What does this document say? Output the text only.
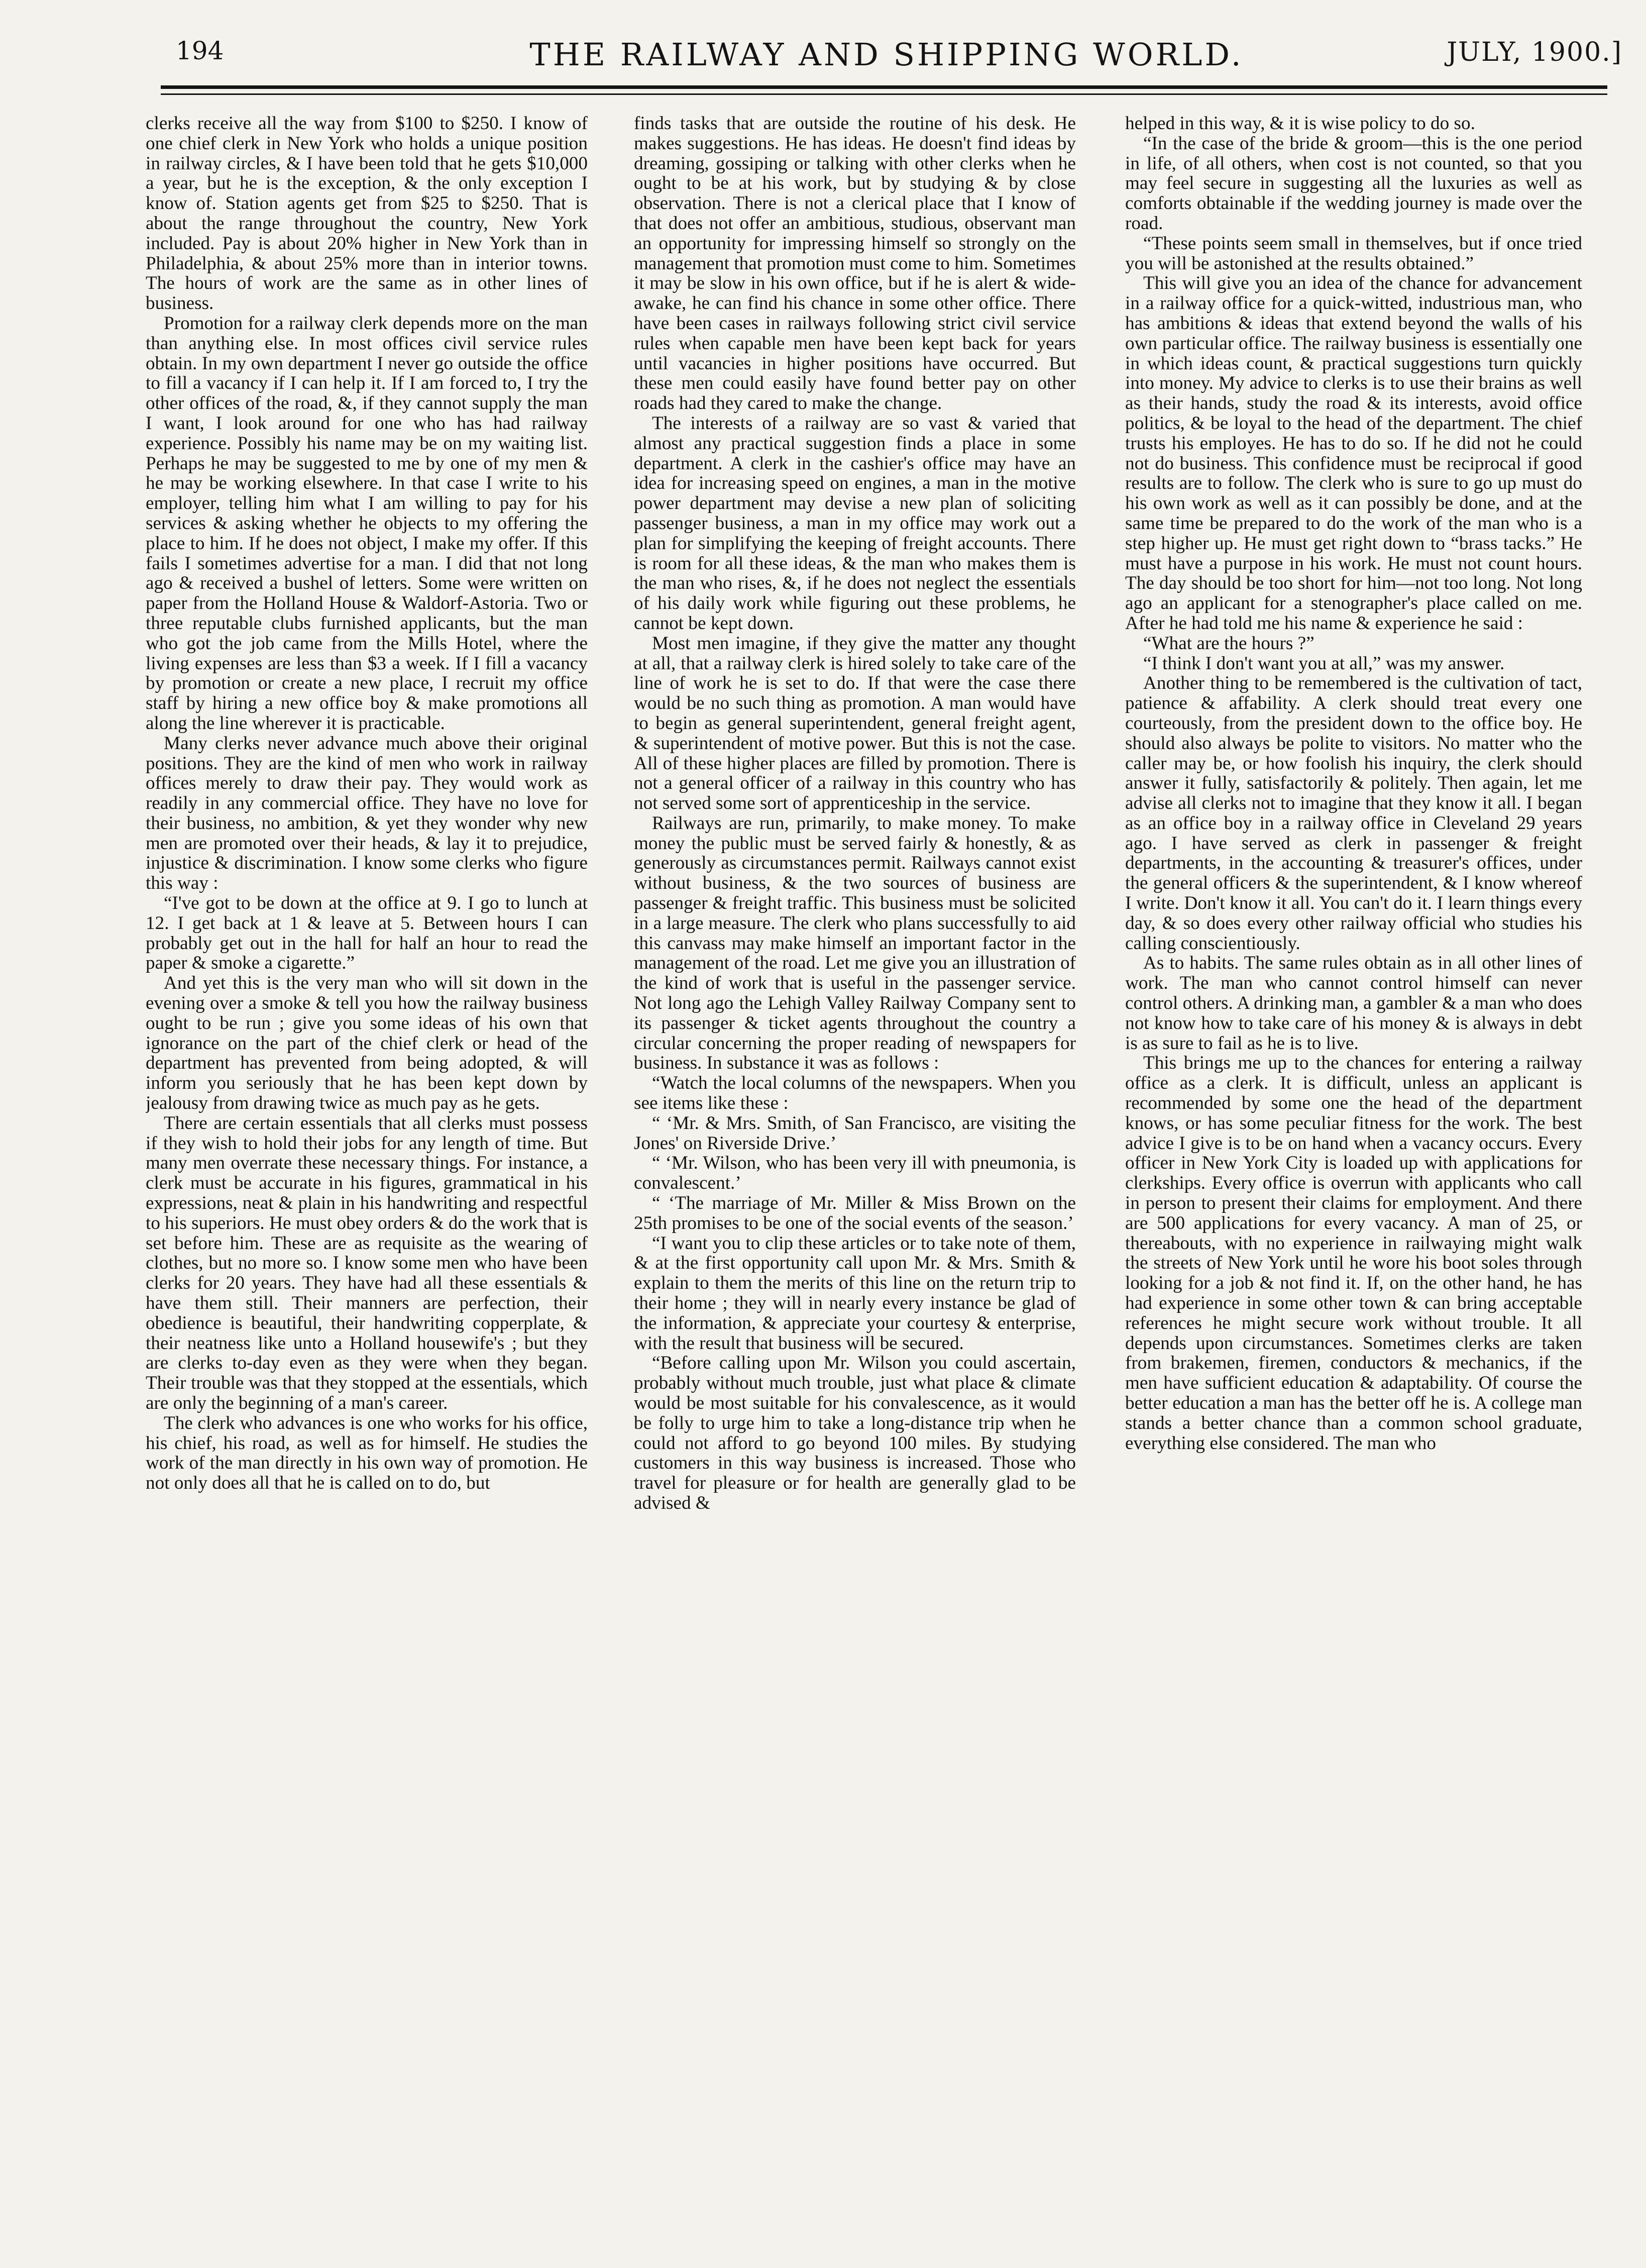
194	THE RAILWAY AND SHIPPING WORLD.	JULY, 1900.]

clerks receive all the way from $100 to $250. I know of one chief clerk in New York who holds a unique position in railway circles, & I have been told that he gets $10,000 a year, but he is the exception, & the only exception I know of. Station agents get from $25 to $250. That is about the range throughout the country, New York included. Pay is about 20% higher in New York than in Philadelphia, & about 25% more than in interior towns. The hours of work are the same as in other lines of business.

Promotion for a railway clerk depends more on the man than anything else. In most offices civil service rules obtain. In my own department I never go outside the office to fill a vacancy if I can help it. If I am forced to, I try the other offices of the road, &, if they cannot supply the man I want, I look around for one who has had railway experience. Possibly his name may be on my waiting list. Perhaps he may be suggested to me by one of my men & he may be working elsewhere. In that case I write to his employer, telling him what I am willing to pay for his services & asking whether he objects to my offering the place to him. If he does not object, I make my offer. If this fails I sometimes advertise for a man. I did that not long ago & received a bushel of letters. Some were written on paper from the Holland House & Waldorf-Astoria. Two or three reputable clubs furnished applicants, but the man who got the job came from the Mills Hotel, where the living expenses are less than $3 a week. If I fill a vacancy by promotion or create a new place, I recruit my office staff by hiring a new office boy & make promotions all along the line wherever it is practicable.

Many clerks never advance much above their original positions. They are the kind of men who work in railway offices merely to draw their pay. They would work as readily in any commercial office. They have no love for their business, no ambition, & yet they wonder why new men are promoted over their heads, & lay it to prejudice, injustice & discrimination. I know some clerks who figure this way :

“I've got to be down at the office at 9. I go to lunch at 12. I get back at 1 & leave at 5. Between hours I can probably get out in the hall for half an hour to read the paper & smoke a cigarette.”

And yet this is the very man who will sit down in the evening over a smoke & tell you how the railway business ought to be run ; give you some ideas of his own that ignorance on the part of the chief clerk or head of the department has prevented from being adopted, & will inform you seriously that he has been kept down by jealousy from drawing twice as much pay as he gets.

There are certain essentials that all clerks must possess if they wish to hold their jobs for any length of time. But many men overrate these necessary things. For instance, a clerk must be accurate in his figures, grammatical in his expressions, neat & plain in his handwriting and respectful to his superiors. He must obey orders & do the work that is set before him. These are as requisite as the wearing of clothes, but no more so. I know some men who have been clerks for 20 years. They have had all these essentials & have them still. Their manners are perfection, their obedience is beautiful, their handwriting copperplate, & their neatness like unto a Holland housewife's ; but they are clerks to-day even as they were when they began. Their trouble was that they stopped at the essentials, which are only the beginning of a man's career.

The clerk who advances is one who works for his office, his chief, his road, as well as for himself. He studies the work of the man directly in his own way of promotion. He not only does all that he is called on to do, but

finds tasks that are outside the routine of his desk. He makes suggestions. He has ideas. He doesn't find ideas by dreaming, gossiping or talking with other clerks when he ought to be at his work, but by studying & by close observation. There is not a clerical place that I know of that does not offer an ambitious, studious, observant man an opportunity for impressing himself so strongly on the management that promotion must come to him. Sometimes it may be slow in his own office, but if he is alert & wide-awake, he can find his chance in some other office. There have been cases in railways following strict civil service rules when capable men have been kept back for years until vacancies in higher positions have occurred. But these men could easily have found better pay on other roads had they cared to make the change.

The interests of a railway are so vast & varied that almost any practical suggestion finds a place in some department. A clerk in the cashier's office may have an idea for increasing speed on engines, a man in the motive power department may devise a new plan of soliciting passenger business, a man in my office may work out a plan for simplifying the keeping of freight accounts. There is room for all these ideas, & the man who makes them is the man who rises, &, if he does not neglect the essentials of his daily work while figuring out these problems, he cannot be kept down.

Most men imagine, if they give the matter any thought at all, that a railway clerk is hired solely to take care of the line of work he is set to do. If that were the case there would be no such thing as promotion. A man would have to begin as general superintendent, general freight agent, & superintendent of motive power. But this is not the case. All of these higher places are filled by promotion. There is not a general officer of a railway in this country who has not served some sort of apprenticeship in the service.

Railways are run, primarily, to make money. To make money the public must be served fairly & honestly, & as generously as circumstances permit. Railways cannot exist without business, & the two sources of business are passenger & freight traffic. This business must be solicited in a large measure. The clerk who plans successfully to aid this canvass may make himself an important factor in the management of the road. Let me give you an illustration of the kind of work that is useful in the passenger service. Not long ago the Lehigh Valley Railway Company sent to its passenger & ticket agents throughout the country a circular concerning the proper reading of newspapers for business. In substance it was as follows :

“Watch the local columns of the newspapers. When you see items like these :

“ ‘Mr. & Mrs. Smith, of San Francisco, are visiting the Jones' on Riverside Drive.’

“ ‘Mr. Wilson, who has been very ill with pneumonia, is convalescent.’

“ ‘The marriage of Mr. Miller & Miss Brown on the 25th promises to be one of the social events of the season.’

“I want you to clip these articles or to take note of them, & at the first opportunity call upon Mr. & Mrs. Smith & explain to them the merits of this line on the return trip to their home ; they will in nearly every instance be glad of the information, & appreciate your courtesy & enterprise, with the result that business will be secured.

“Before calling upon Mr. Wilson you could ascertain, probably without much trouble, just what place & climate would be most suitable for his convalescence, as it would be folly to urge him to take a long-distance trip when he could not afford to go beyond 100 miles. By studying customers in this way business is increased. Those who travel for pleasure or for health are generally glad to be advised &

helped in this way, & it is wise policy to do so.

“In the case of the bride & groom—this is the one period in life, of all others, when cost is not counted, so that you may feel secure in suggesting all the luxuries as well as comforts obtainable if the wedding journey is made over the road.

“These points seem small in themselves, but if once tried you will be astonished at the results obtained.”

This will give you an idea of the chance for advancement in a railway office for a quick-witted, industrious man, who has ambitions & ideas that extend beyond the walls of his own particular office. The railway business is essentially one in which ideas count, & practical suggestions turn quickly into money. My advice to clerks is to use their brains as well as their hands, study the road & its interests, avoid office politics, & be loyal to the head of the department. The chief trusts his employes. He has to do so. If he did not he could not do business. This confidence must be reciprocal if good results are to follow. The clerk who is sure to go up must do his own work as well as it can possibly be done, and at the same time be prepared to do the work of the man who is a step higher up. He must get right down to “brass tacks.” He must have a purpose in his work. He must not count hours. The day should be too short for him—not too long. Not long ago an applicant for a stenographer's place called on me. After he had told me his name & experience he said :

“What are the hours ?”

“I think I don't want you at all,” was my answer.

Another thing to be remembered is the cultivation of tact, patience & affability. A clerk should treat every one courteously, from the president down to the office boy. He should also always be polite to visitors. No matter who the caller may be, or how foolish his inquiry, the clerk should answer it fully, satisfactorily & politely. Then again, let me advise all clerks not to imagine that they know it all. I began as an office boy in a railway office in Cleveland 29 years ago. I have served as clerk in passenger & freight departments, in the accounting & treasurer's offices, under the general officers & the superintendent, & I know whereof I write. Don't know it all. You can't do it. I learn things every day, & so does every other railway official who studies his calling conscientiously.

As to habits. The same rules obtain as in all other lines of work. The man who cannot control himself can never control others. A drinking man, a gambler & a man who does not know how to take care of his money & is always in debt is as sure to fail as he is to live.

This brings me up to the chances for entering a railway office as a clerk. It is difficult, unless an applicant is recommended by some one the head of the department knows, or has some peculiar fitness for the work. The best advice I give is to be on hand when a vacancy occurs. Every officer in New York City is loaded up with applications for clerkships. Every office is overrun with applicants who call in person to present their claims for employment. And there are 500 applications for every vacancy. A man of 25, or thereabouts, with no experience in railwaying might walk the streets of New York until he wore his boot soles through looking for a job & not find it. If, on the other hand, he has had experience in some other town & can bring acceptable references he might secure work without trouble. It all depends upon circumstances. Sometimes clerks are taken from brakemen, firemen, conductors & mechanics, if the men have sufficient education & adaptability. Of course the better education a man has the better off he is. A college man stands a better chance than a common school graduate, everything else considered. The man who
